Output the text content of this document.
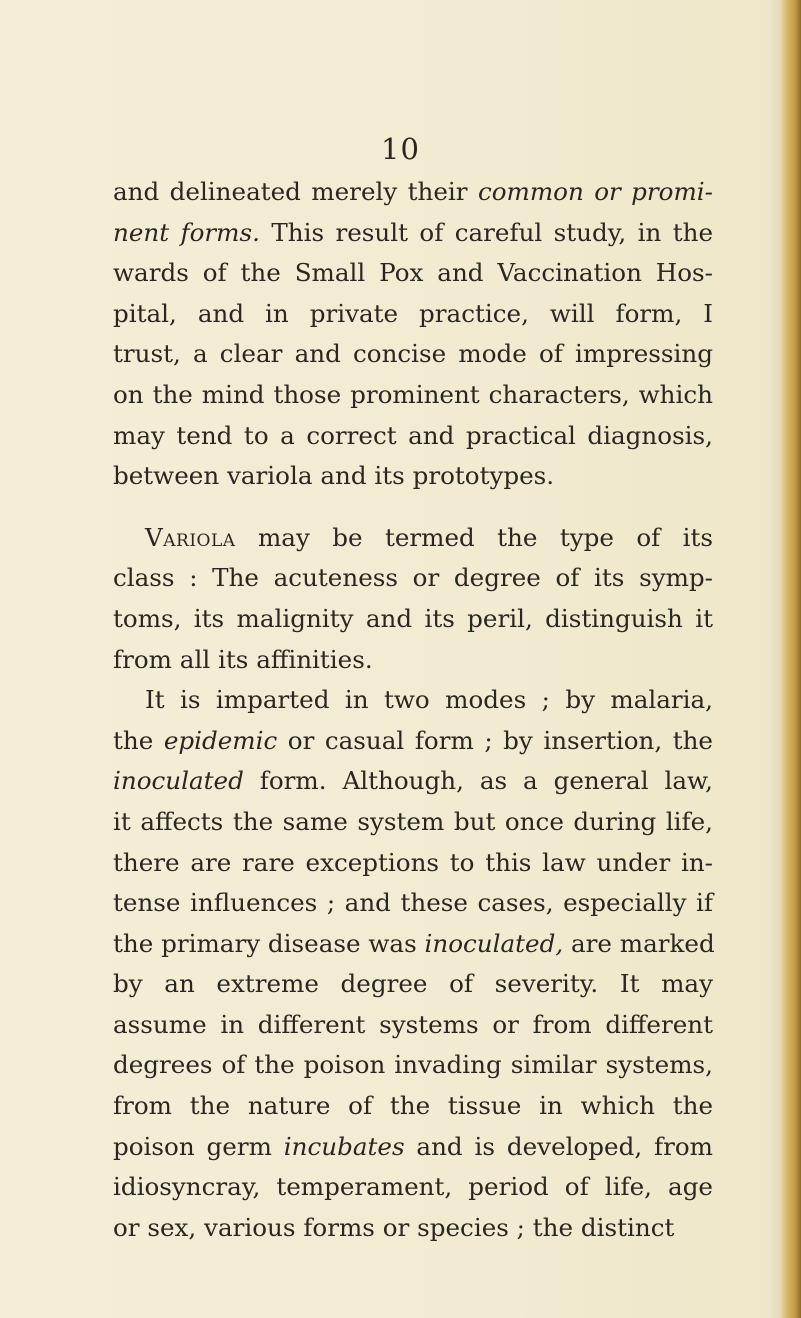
10
and delineated merely their common or promi-
nent forms. This result of careful study, in the
wards of the Small Pox and Vaccination Hos-
pital, and in private practice, will form, I
trust, a clear and concise mode of impressing
on the mind those prominent characters, which
may tend to a correct and practical diagnosis,
between variola and its prototypes.
Variola may be termed the type of its
class : The acuteness or degree of its symp-
toms, its malignity and its peril, distinguish it
from all its affinities.
It is imparted in two modes ; by malaria,
the epidemic or casual form ; by insertion, the
inoculated form. Although, as a general law,
it affects the same system but once during life,
there are rare exceptions to this law under in-
tense influences ; and these cases, especially if
the primary disease was inoculated, are marked
by an extreme degree of severity. It may
assume in different systems or from different
degrees of the poison invading similar systems,
from the nature of the tissue in which the
poison germ incubates and is developed, from
idiosyncray, temperament, period of life, age
or sex, various forms or species ; the distinct
